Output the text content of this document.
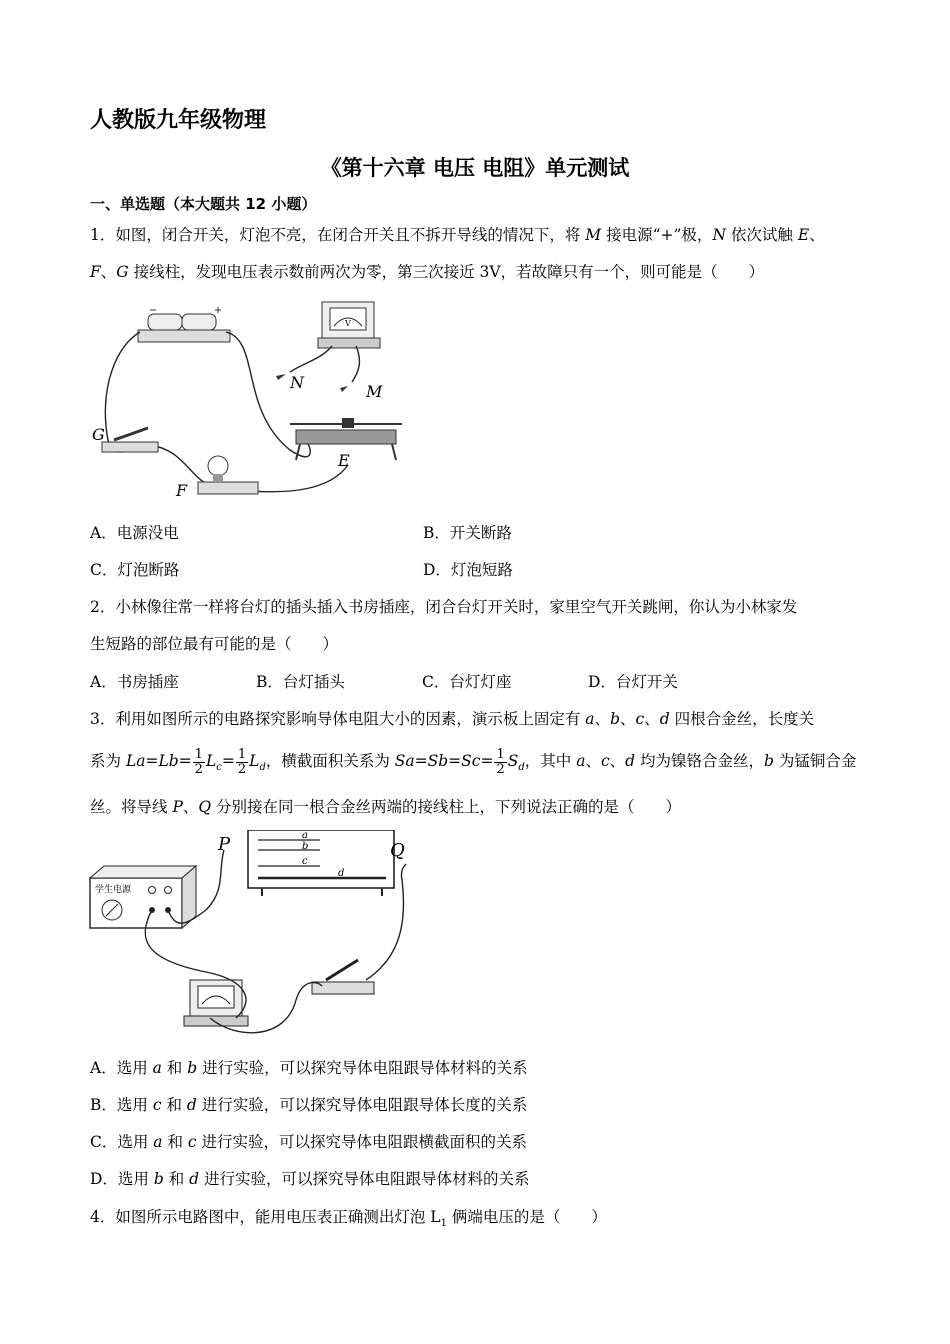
人教版九年级物理
《第十六章 电压 电阻》单元测试
一、单选题（本大题共 12 小题）
1．如图，闭合开关，灯泡不亮，在闭合开关且不拆开导线的情况下，将 M 接电源“+”极，N 依次试触 E、
F、G 接线柱，发现电压表示数前两次为零，第三次接近 3V，若故障只有一个，则可能是（　　）
V
G
F
E
N	M
A．电源没电	B．开关断路
C．灯泡断路	D．灯泡短路
2．小林像往常一样将台灯的插头插入书房插座，闭合台灯开关时，家里空气开关跳闸，你认为小林家发
生短路的部位最有可能的是（　　）
A．书房插座	B．台灯插头	C．台灯灯座	D．台灯开关
3．利用如图所示的电路探究影响导体电阻大小的因素，演示板上固定有 a、b、c、d 四根合金丝，长度关
系为 $La=Lb= \frac{1}{2} L_c= \frac{1}{2} L_d$，横截面积关系为 $Sa=Sb=Sc= \frac{1}{2} S_d$，其中 a、c、d 均为镍铬合金丝，b 为锰铜合金
丝。将导线 P、Q 分别接在同一根合金丝两端的接线柱上，下列说法正确的是（　　）
学生电源
a
b
c
d
P	Q
A．选用 a 和 b 进行实验，可以探究导体电阻跟导体材料的关系
B．选用 c 和 d 进行实验，可以探究导体电阻跟导体长度的关系
C．选用 a 和 c 进行实验，可以探究导体电阻跟横截面积的关系
D．选用 b 和 d 进行实验，可以探究导体电阻跟导体材料的关系
4．如图所示电路图中，能用电压表正确测出灯泡 $L_1$ 俩端电压的是（　　）
